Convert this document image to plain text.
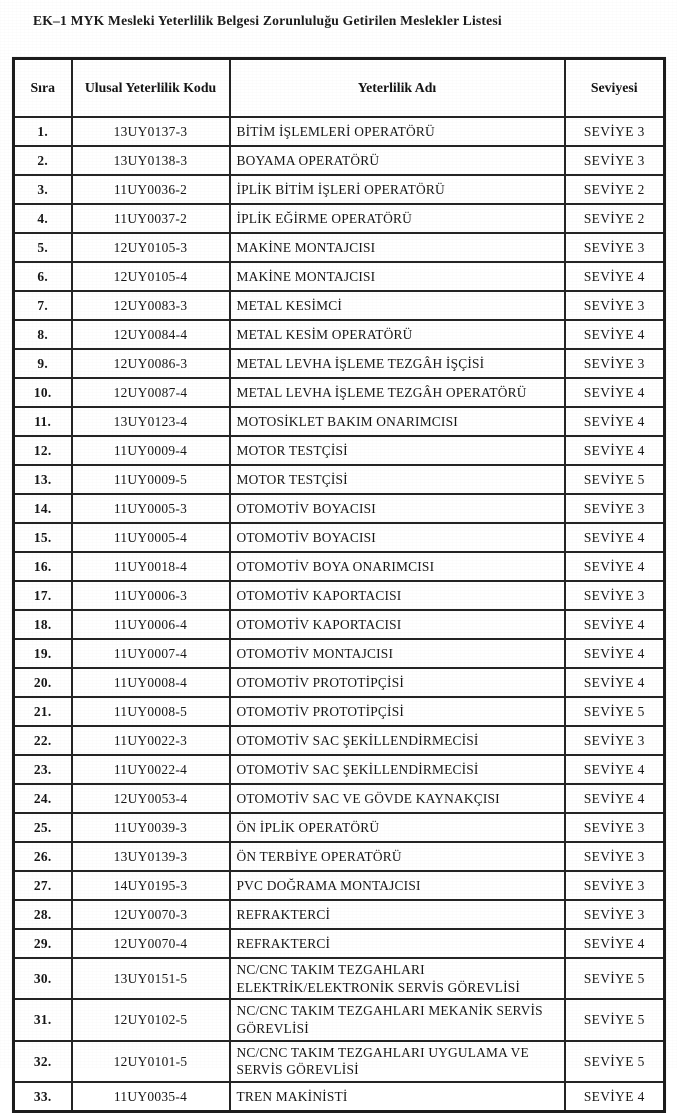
EK–1 MYK Mesleki Yeterlilik Belgesi Zorunluluğu Getirilen Meslekler Listesi
Sıra	Ulusal Yeterlilik Kodu	Yeterlilik Adı	Seviyesi
1.	13UY0137-3	BİTİM İŞLEMLERİ OPERATÖRÜ	SEVİYE 3
2.	13UY0138-3	BOYAMA OPERATÖRÜ	SEVİYE 3
3.	11UY0036-2	İPLİK BİTİM İŞLERİ OPERATÖRÜ	SEVİYE 2
4.	11UY0037-2	İPLİK EĞİRME OPERATÖRÜ	SEVİYE 2
5.	12UY0105-3	MAKİNE MONTAJCISI	SEVİYE 3
6.	12UY0105-4	MAKİNE MONTAJCISI	SEVİYE 4
7.	12UY0083-3	METAL KESİMCİ	SEVİYE 3
8.	12UY0084-4	METAL KESİM OPERATÖRÜ	SEVİYE 4
9.	12UY0086-3	METAL LEVHA İŞLEME TEZGÂH İŞÇİSİ	SEVİYE 3
10.	12UY0087-4	METAL LEVHA İŞLEME TEZGÂH OPERATÖRÜ	SEVİYE 4
11.	13UY0123-4	MOTOSİKLET BAKIM ONARIMCISI	SEVİYE 4
12.	11UY0009-4	MOTOR TESTÇİSİ	SEVİYE 4
13.	11UY0009-5	MOTOR TESTÇİSİ	SEVİYE 5
14.	11UY0005-3	OTOMOTİV BOYACISI	SEVİYE 3
15.	11UY0005-4	OTOMOTİV BOYACISI	SEVİYE 4
16.	11UY0018-4	OTOMOTİV BOYA ONARIMCISI	SEVİYE 4
17.	11UY0006-3	OTOMOTİV KAPORTACISI	SEVİYE 3
18.	11UY0006-4	OTOMOTİV KAPORTACISI	SEVİYE 4
19.	11UY0007-4	OTOMOTİV MONTAJCISI	SEVİYE 4
20.	11UY0008-4	OTOMOTİV PROTOTİPÇİSİ	SEVİYE 4
21.	11UY0008-5	OTOMOTİV PROTOTİPÇİSİ	SEVİYE 5
22.	11UY0022-3	OTOMOTİV SAC ŞEKİLLENDİRMECİSİ	SEVİYE 3
23.	11UY0022-4	OTOMOTİV SAC ŞEKİLLENDİRMECİSİ	SEVİYE 4
24.	12UY0053-4	OTOMOTİV SAC VE GÖVDE KAYNAKÇISI	SEVİYE 4
25.	11UY0039-3	ÖN İPLİK OPERATÖRÜ	SEVİYE 3
26.	13UY0139-3	ÖN TERBİYE OPERATÖRÜ	SEVİYE 3
27.	14UY0195-3	PVC DOĞRAMA MONTAJCISI	SEVİYE 3
28.	12UY0070-3	REFRAKTERCİ	SEVİYE 3
29.	12UY0070-4	REFRAKTERCİ	SEVİYE 4
30.	13UY0151-5	NC/CNC TAKIM TEZGAHLARI ELEKTRİK/ELEKTRONİK SERVİS GÖREVLİSİ	SEVİYE 5
31.	12UY0102-5	NC/CNC TAKIM TEZGAHLARI MEKANİK SERVİS GÖREVLİSİ	SEVİYE 5
32.	12UY0101-5	NC/CNC TAKIM TEZGAHLARI UYGULAMA VE SERVİS GÖREVLİSİ	SEVİYE 5
33.	11UY0035-4	TREN MAKİNİSTİ	SEVİYE 4
